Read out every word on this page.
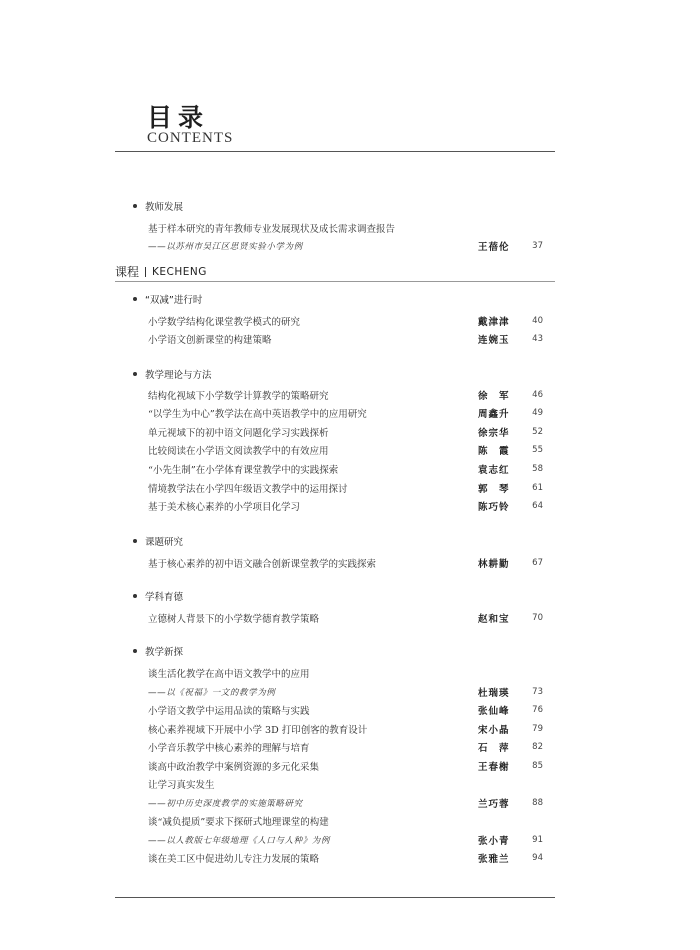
目录
CONTENTS
教师发展
基于样本研究的青年教师专业发展现状及成长需求调查报告
——以苏州市吴江区思贤实验小学为例	王蓓伦	37
课程 KECHENG
“双减”进行时
小学数学结构化课堂教学模式的研究	戴津津	40
小学语文创新课堂的构建策略	连婉玉	43
教学理论与方法
结构化视域下小学数学计算教学的策略研究	徐　军	46
“以学生为中心”教学法在高中英语教学中的应用研究	周鑫升	49
单元视域下的初中语文问题化学习实践探析	徐宗华	52
比较阅读在小学语文阅读教学中的有效应用	陈　霞	55
“小先生制”在小学体育课堂教学中的实践探索	袁志红	58
情境教学法在小学四年级语文教学中的运用探讨	郭　琴	61
基于美术核心素养的小学项目化学习	陈巧铃	64
课题研究
基于核心素养的初中语文融合创新课堂教学的实践探索	林耕勤	67
学科育德
立德树人背景下的小学数学德育教学策略	赵和宝	70
教学新探
谈生活化教学在高中语文教学中的应用
——以《祝福》一文的教学为例	杜瑞瑛	73
小学语文教学中运用品读的策略与实践	张仙峰	76
核心素养视域下开展中小学 3D 打印创客的教育设计	宋小晶	79
小学音乐教学中核心素养的理解与培育	石　萍	82
谈高中政治教学中案例资源的多元化采集	王春榭	85
让学习真实发生
——初中历史深度教学的实施策略研究	兰巧蓉	88
谈“减负提质”要求下探研式地理课堂的构建
——以人教版七年级地理《人口与人种》为例	张小青	91
谈在美工区中促进幼儿专注力发展的策略	张雅兰	94
